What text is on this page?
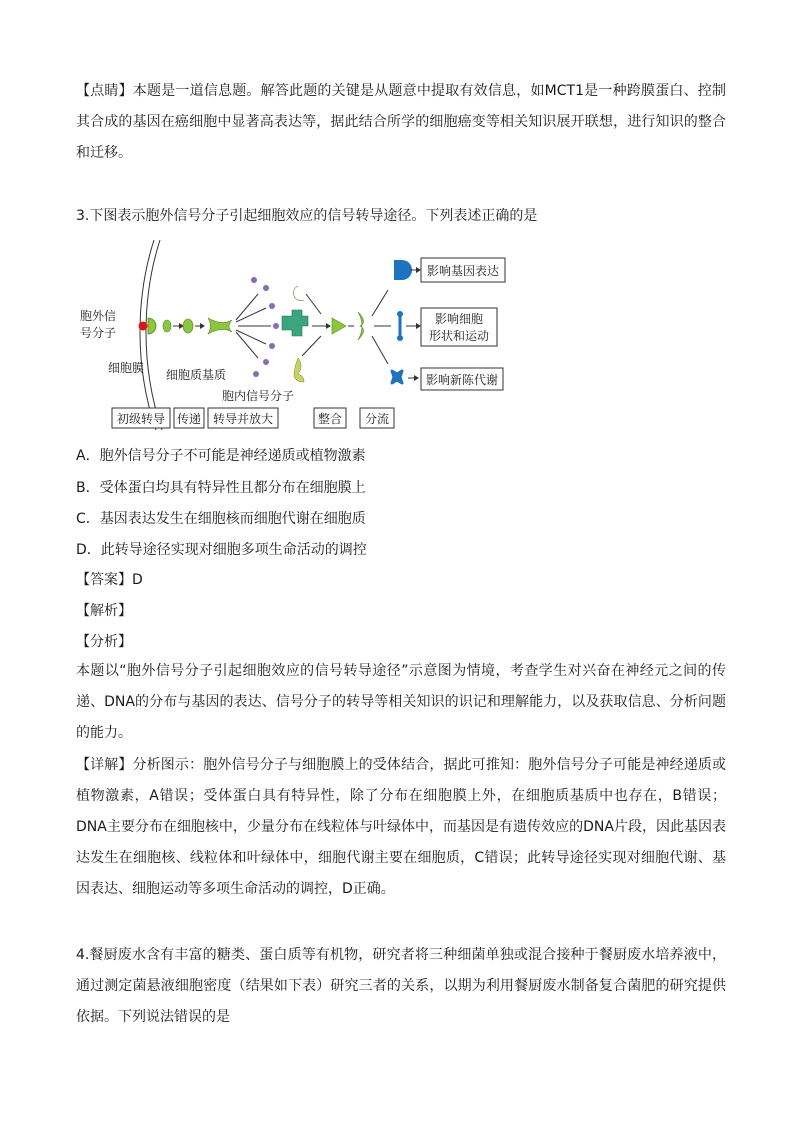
【点睛】本题是一道信息题。解答此题的关键是从题意中提取有效信息，如MCT1是一种跨膜蛋白、控制其合成的基因在癌细胞中显著高表达等，据此结合所学的细胞癌变等相关知识展开联想，进行知识的整合和迁移。

3.下图表示胞外信号分子引起细胞效应的信号转导途径。下列表述正确的是

影响基因表达
影响细胞
形状和运动
影响新陈代谢
胞外信
号分子
细胞膜 细胞质基质
胞内信号分子
初级转导 传递 转导并放大	整合 分流

A．胞外信号分子不可能是神经递质或植物激素

B．受体蛋白均具有特异性且都分布在细胞膜上

C．基因表达发生在细胞核而细胞代谢在细胞质

D．此转导途径实现对细胞多项生命活动的调控

【答案】D

【解析】

【分析】

本题以“胞外信号分子引起细胞效应的信号转导途径”示意图为情境，考查学生对兴奋在神经元之间的传递、DNA的分布与基因的表达、信号分子的转导等相关知识的识记和理解能力，以及获取信息、分析问题的能力。

【详解】分析图示：胞外信号分子与细胞膜上的受体结合，据此可推知：胞外信号分子可能是神经递质或植物激素，A错误；受体蛋白具有特异性，除了分布在细胞膜上外，在细胞质基质中也存在，B错误；DNA主要分布在细胞核中，少量分布在线粒体与叶绿体中，而基因是有遗传效应的DNA片段，因此基因表达发生在细胞核、线粒体和叶绿体中，细胞代谢主要在细胞质，C错误；此转导途径实现对细胞代谢、基因表达、细胞运动等多项生命活动的调控，D正确。

4.餐厨废水含有丰富的糖类、蛋白质等有机物，研究者将三种细菌单独或混合接种于餐厨废水培养液中，通过测定菌悬液细胞密度（结果如下表）研究三者的关系，以期为利用餐厨废水制备复合菌肥的研究提供依据。下列说法错误的是
